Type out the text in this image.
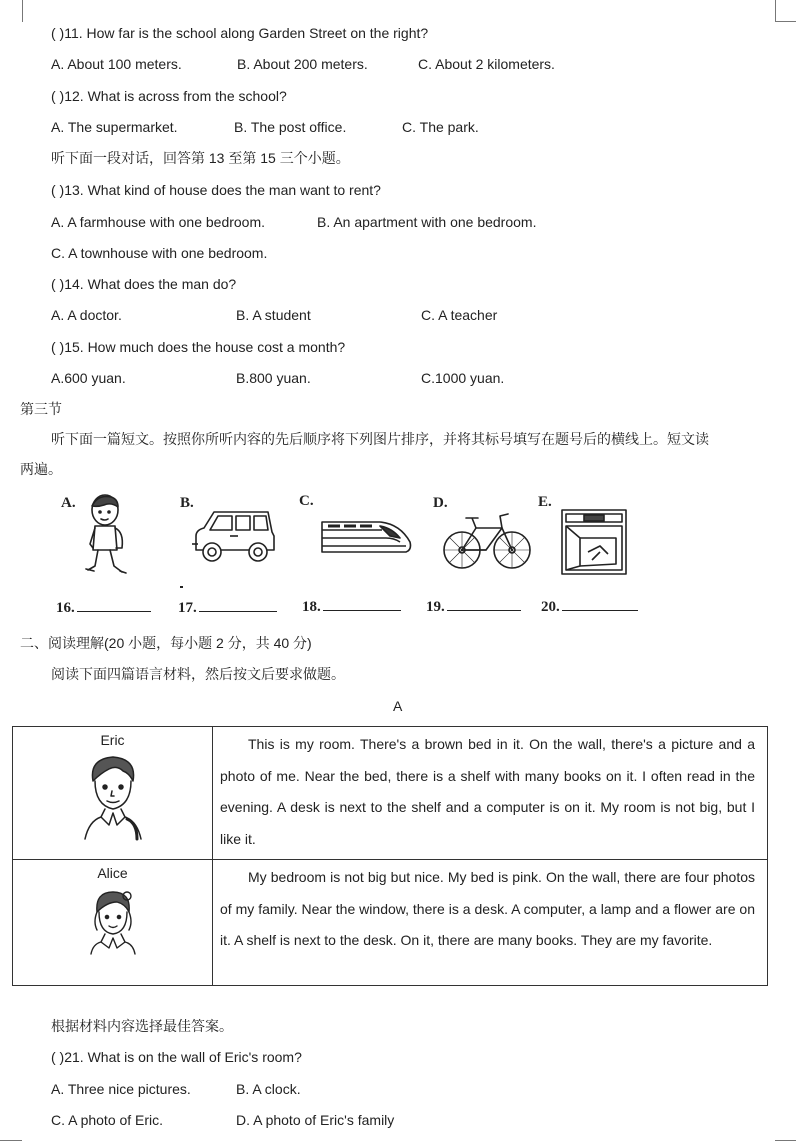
( )11. How far is the school along Garden Street on the right?
A. About 100 meters.	B. About 200 meters.	C. About 2 kilometers.
( )12. What is across from the school?
A. The supermarket.	B. The post office.	C. The park.
听下面一段对话，回答第 13 至第 15 三个小题。
( )13. What kind of house does the man want to rent?
A. A farmhouse with one bedroom.	B. An apartment with one bedroom.
C. A townhouse with one bedroom.
( )14. What does the man do?
A. A doctor.	B. A student	C. A teacher
( )15. How much does the house cost a month?
A.600 yuan.	B.800 yuan.	C.1000 yuan.
第三节
听下面一篇短文。按照你所听内容的先后顺序将下列图片排序，并将其标号填写在题号后的横线上。短文读
两遍。
A.	B.	C.	D.	E.
16.	17.	18.	19.	20.
二、阅读理解(20 小题，每小题 2 分，共 40 分)
阅读下面四篇语言材料，然后按文后要求做题。
A
Eric	This is my room. There's a brown bed in it. On the wall, there's a picture and a photo of me. Near the bed, there is a shelf with many books on it. I often read in the evening. A desk is next to the shelf and a computer is on it. My room is not big, but I like it.

Alice	My bedroom is not big but nice. My bed is pink. On the wall, there are four photos of my family. Near the window, there is a desk. A computer, a lamp and a flower are on it. A shelf is next to the desk. On it, there are many books. They are my favorite.
根据材料内容选择最佳答案。
( )21. What is on the wall of Eric's room?
A. Three nice pictures.	B. A clock.
C. A photo of Eric.	D. A photo of Eric's family
